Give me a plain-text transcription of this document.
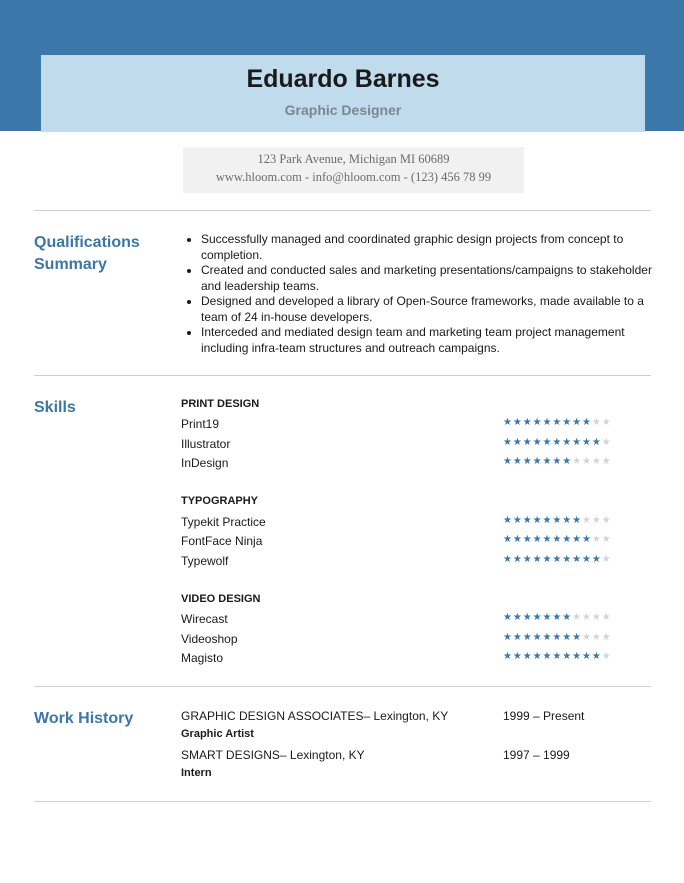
Eduardo Barnes
Graphic Designer
123 Park Avenue, Michigan MI 60689
www.hloom.com - info@hloom.com - (123) 456 78 99
Qualifications
Summary
• Successfully managed and coordinated graphic design projects from concept to completion.
• Created and conducted sales and marketing presentations/campaigns to stakeholder and leadership teams.
• Designed and developed a library of Open-Source frameworks, made available to a team of 24 in-house developers.
• Interceded and mediated design team and marketing team project management including infra-team structures and outreach campaigns.
Skills	PRINT DESIGN
Print19	★★★★★★★★★★★
Illustrator	★★★★★★★★★★★
InDesign	★★★★★★★★★★★
TYPOGRAPHY
Typekit Practice	★★★★★★★★★★★
FontFace Ninja	★★★★★★★★★★★
Typewolf	★★★★★★★★★★★
VIDEO DESIGN
Wirecast	★★★★★★★★★★★
Videoshop	★★★★★★★★★★★
Magisto	★★★★★★★★★★★
Work History	GRAPHIC DESIGN ASSOCIATES– Lexington, KY	1999 – Present
Graphic Artist
SMART DESIGNS– Lexington, KY	1997 – 1999
Intern
